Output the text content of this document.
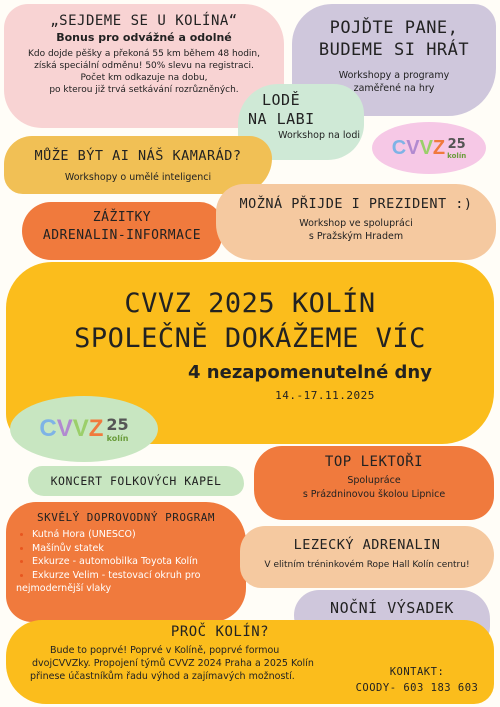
„SEJDEME SE U KOLÍNA“
Bonus pro odvážné a odolné
Kdo dojde pěšky a překoná 55 km během 48 hodin,
získá speciální odměnu! 50% slevu na registraci.
Počet km odkazuje na dobu,
po kterou již trvá setkávání rozrůzněných.
POJĎTE PANE,
BUDEME SI HRÁT
Workshopy a programy
zaměřené na hry
LODĚ
NA LABI
Workshop na lodi
C V V Z 25
kolín
MŮŽE BÝT AI NÁŠ KAMARÁD?
Workshopy o umělé inteligenci
ZÁŽITKY
ADRENALIN-INFORMACE
MOŽNÁ PŘIJDE I PREZIDENT :)
Workshop ve spolupráci
s Pražským Hradem
CVVZ 2025 KOLÍN
SPOLEČNĚ DOKÁŽEME VÍC
4 nezapomenutelné dny
14.-17.11.2025
C V V Z 25
kolín
KONCERT FOLKOVÝCH KAPEL
TOP LEKTOŘI
Spolupráce
s Prázdninovou školou Lipnice
SKVĚLÝ DOPROVODNÝ PROGRAM
• Kutná Hora (UNESCO)
• Mašínův statek
• Exkurze - automobilka Toyota Kolín
• Exkurze Velim - testovací okruh pro
nejmodernější vlaky
LEZECKÝ ADRENALIN
V elitním tréninkovém Rope Hall Kolín centru!
NOČNÍ VÝSADEK
PROČ KOLÍN?
Bude to poprvé! Poprvé v Kolíně, poprvé formou
dvojCVVZky. Propojení týmů CVVZ 2024 Praha a 2025 Kolín
přinese účastníkům řadu výhod a zajímavých možností.	KONTAKT:
COODY- 603 183 603
